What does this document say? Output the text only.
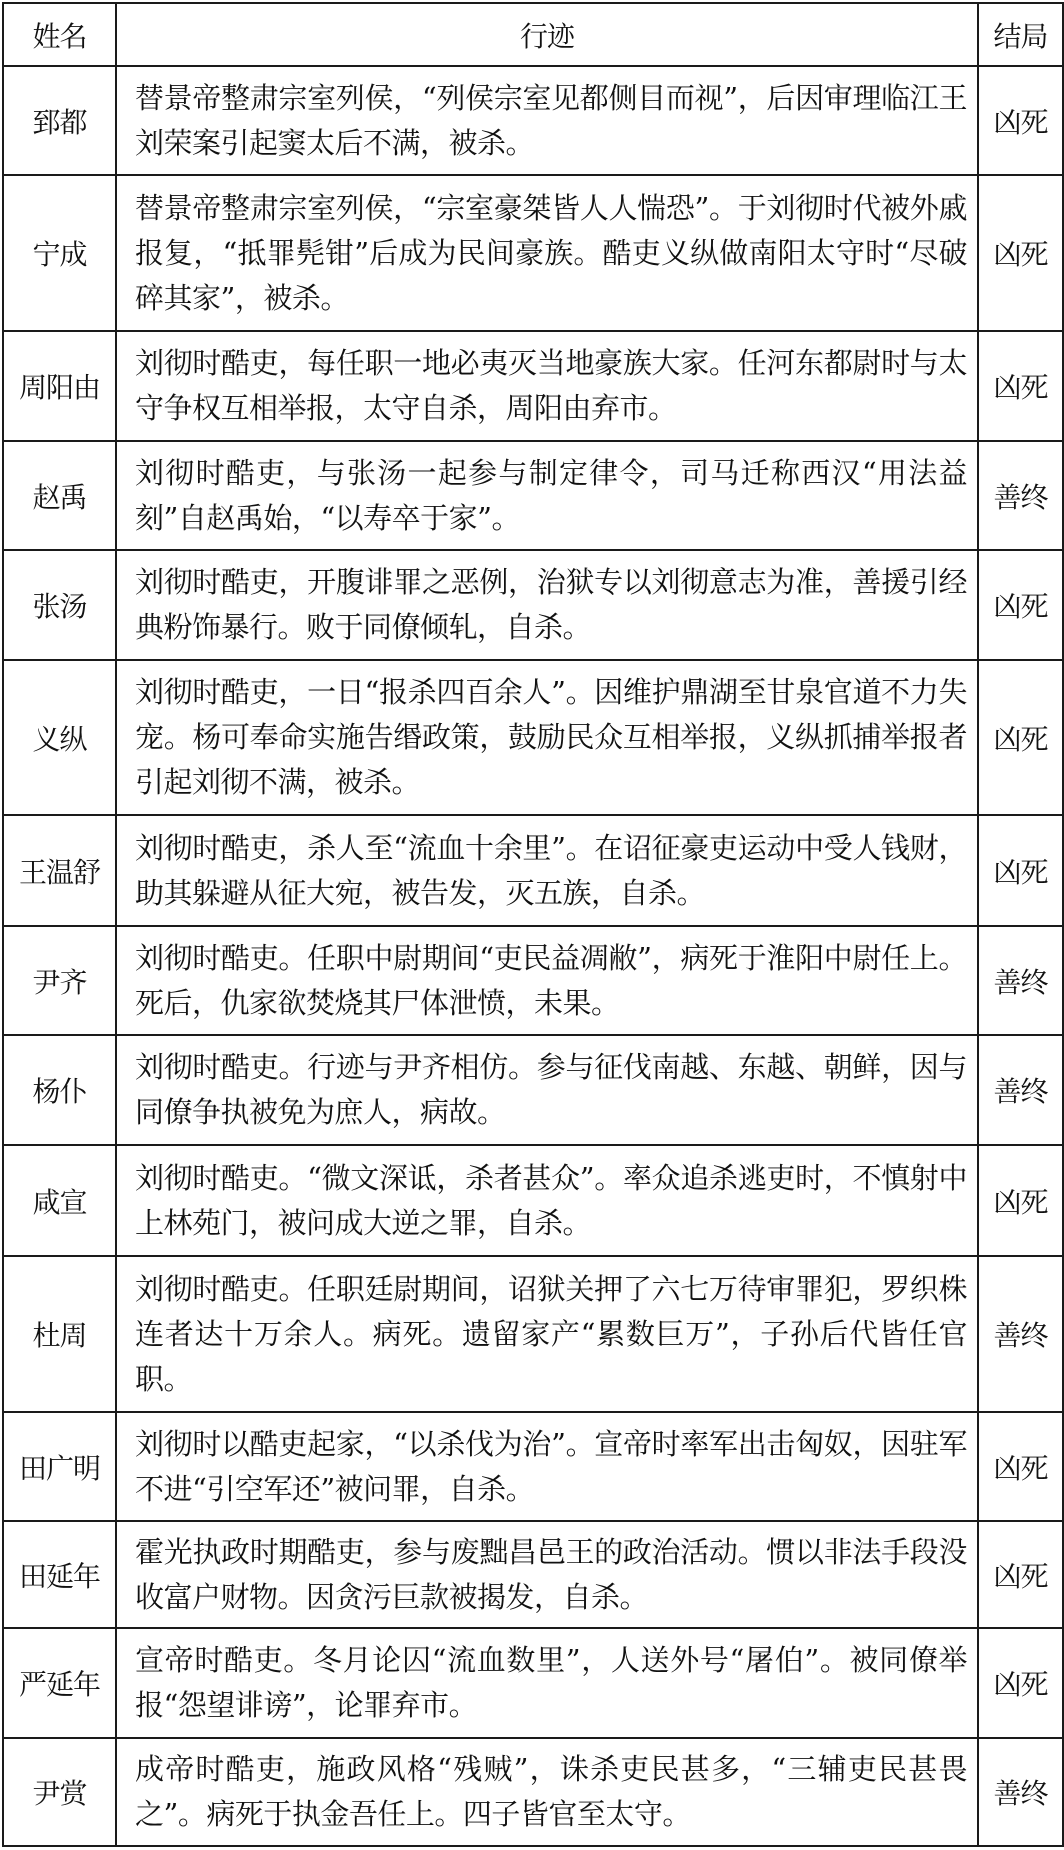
姓名	行迹	结局
郅都	替景帝整肃宗室列侯，“列侯宗室见都侧目而视”，后因审理临江王刘荣案引起窦太后不满，被杀。	凶死
宁成	替景帝整肃宗室列侯，“宗室豪桀皆人人惴恐”。于刘彻时代被外戚报复，“抵罪髡钳”后成为民间豪族。酷吏义纵做南阳太守时“尽破碎其家”，被杀。	凶死
周阳由	刘彻时酷吏，每任职一地必夷灭当地豪族大家。任河东都尉时与太守争权互相举报，太守自杀，周阳由弃市。	凶死
赵禹	刘彻时酷吏，与张汤一起参与制定律令，司马迁称西汉“用法益刻”自赵禹始，“以寿卒于家”。	善终
张汤	刘彻时酷吏，开腹诽罪之恶例，治狱专以刘彻意志为准，善援引经典粉饰暴行。败于同僚倾轧，自杀。	凶死
义纵	刘彻时酷吏，一日“报杀四百余人”。因维护鼎湖至甘泉官道不力失宠。杨可奉命实施告缗政策，鼓励民众互相举报，义纵抓捕举报者引起刘彻不满，被杀。	凶死
王温舒	刘彻时酷吏，杀人至“流血十余里”。在诏征豪吏运动中受人钱财，助其躲避从征大宛，被告发，灭五族，自杀。	凶死
尹齐	刘彻时酷吏。任职中尉期间“吏民益凋敝”，病死于淮阳中尉任上。死后，仇家欲焚烧其尸体泄愤，未果。	善终
杨仆	刘彻时酷吏。行迹与尹齐相仿。参与征伐南越、东越、朝鲜，因与同僚争执被免为庶人，病故。	善终
咸宣	刘彻时酷吏。“微文深诋，杀者甚众”。率众追杀逃吏时，不慎射中上林苑门，被问成大逆之罪，自杀。	凶死
杜周	刘彻时酷吏。任职廷尉期间，诏狱关押了六七万待审罪犯，罗织株连者达十万余人。病死。遗留家产“累数巨万”，子孙后代皆任官职。	善终
田广明	刘彻时以酷吏起家，“以杀伐为治”。宣帝时率军出击匈奴，因驻军不进“引空军还”被问罪，自杀。	凶死
田延年	霍光执政时期酷吏，参与废黜昌邑王的政治活动。惯以非法手段没收富户财物。因贪污巨款被揭发，自杀。	凶死
严延年	宣帝时酷吏。冬月论囚“流血数里”，人送外号“屠伯”。被同僚举报“怨望诽谤”，论罪弃市。	凶死
尹赏	成帝时酷吏，施政风格“残贼”，诛杀吏民甚多，“三辅吏民甚畏之”。病死于执金吾任上。四子皆官至太守。	善终
